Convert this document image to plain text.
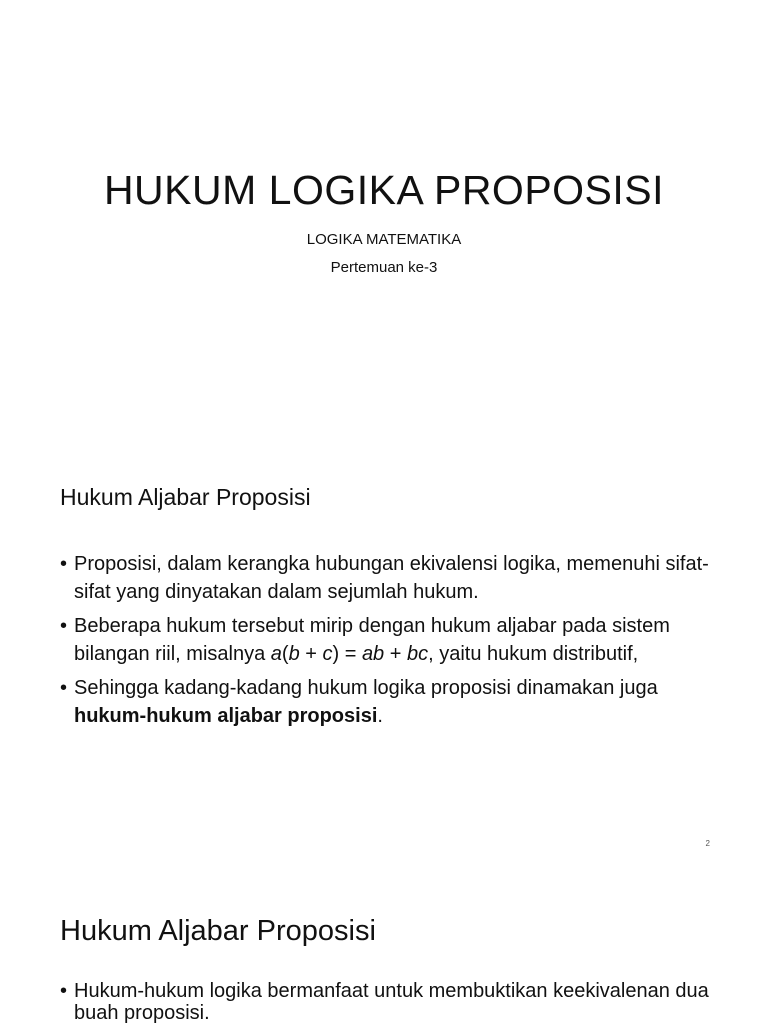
HUKUM LOGIKA PROPOSISI
LOGIKA MATEMATIKA
Pertemuan ke-3
Hukum Aljabar Proposisi
• Proposisi, dalam kerangka hubungan ekivalensi logika, memenuhi sifat-sifat yang dinyatakan dalam sejumlah hukum.
• Beberapa hukum tersebut mirip dengan hukum aljabar pada sistem bilangan riil, misalnya a(b + c) = ab + bc, yaitu hukum distributif,
• Sehingga kadang-kadang hukum logika proposisi dinamakan juga hukum-hukum aljabar proposisi.
2
Hukum Aljabar Proposisi
• Hukum-hukum logika bermanfaat untuk membuktikan keekivalenan dua buah proposisi.
